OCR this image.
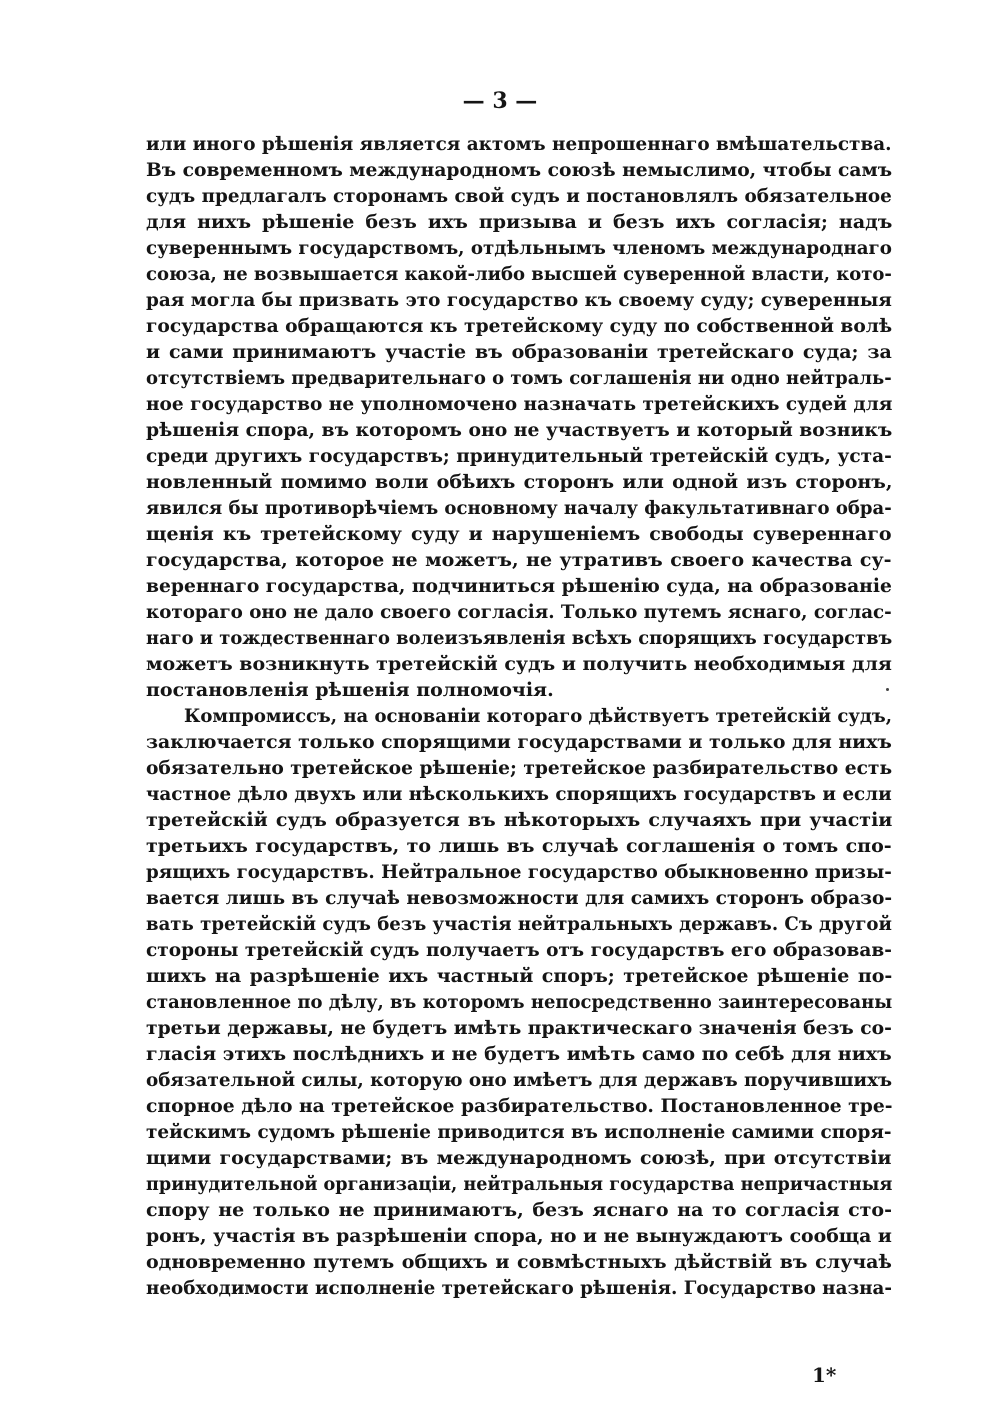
— 3 —
или иного рѣшенія является актомъ непрошеннаго вмѣшательства.
Въ современномъ международномъ союзѣ немыслимо, чтобы самъ
судъ предлагалъ сторонамъ свой судъ и постановлялъ обязательное
для нихъ рѣшеніе безъ ихъ призыва и безъ ихъ согласія; надъ
суверeннымъ государствомъ, отдѣльнымъ членомъ международнаго
союза, не возвышается какой-либо высшей суверенной власти, кото-
рая могла бы призвать это государство къ своему суду; суверенныя
государства обращаются къ третейскому суду по собственной волѣ
и сами принимаютъ участіе въ образованіи третейскаго суда; за
отсутствіемъ предварительнаго о томъ соглашенія ни одно нейтраль-
ное государство не уполномочено назначать третейскихъ судей для
рѣшенія спора, въ которомъ оно не участвуетъ и который возникъ
среди другихъ государствъ; принудительный третейскій судъ, уста-
новленный помимо воли обѣихъ сторонъ или одной изъ сторонъ,
явился бы противорѣчіемъ основному началу факультативнаго обра-
щенія къ третейскому суду и нарушеніемъ свободы суверeннаго
государства, которое не можетъ, не утративъ своего качества су-
вереннаго государства, подчиниться рѣшенію суда, на образованіе
котораго оно не дало своего согласія. Только путемъ яснаго, соглас-
наго и тождественнаго волеизъявленія всѣхъ спорящихъ государствъ
можетъ возникнуть третейскій судъ и получить необходимыя для
постановленія рѣшенія полномочія.
Компромиссъ, на основаніи котораго дѣйствуетъ третейскій судъ,
заключается только спорящими государствами и только для нихъ
обязательно третейское рѣшеніе; третейское разбирательство есть
частное дѣло двухъ или нѣсколькихъ спорящихъ государствъ и если
третейскій судъ образуется въ нѣкоторыхъ случаяхъ при участіи
третьихъ государствъ, то лишь въ случаѣ соглашенія о томъ спо-
рящихъ государствъ. Нейтральное государство обыкновенно призы-
вается лишь въ случаѣ невозможности для самихъ сторонъ образо-
вать третейскій судъ безъ участія нейтральныхъ державъ. Съ другой
стороны третейскій судъ получаетъ отъ государствъ его образовав-
шихъ на разрѣшеніе ихъ частный споръ; третейское рѣшеніе по-
становленное по дѣлу, въ которомъ непосредственно заинтересованы
третьи державы, не будетъ имѣть практическаго значенія безъ со-
гласія этихъ послѣднихъ и не будетъ имѣть само по себѣ для нихъ
обязательной силы, которую оно имѣетъ для державъ поручившихъ
спорное дѣло на третейское разбирательство. Постановленное тре-
тейскимъ судомъ рѣшеніе приводится въ исполненіе самими споря-
щими государствами; въ международномъ союзѣ, при отсутствіи
принудительной организаціи, нейтральныя государства непричастныя
спору не только не принимаютъ, безъ яснаго на то согласія сто-
ронъ, участія въ разрѣшеніи спора, но и не вынуждаютъ сообща и
одновременно путемъ общихъ и совмѣстныхъ дѣйствій въ случаѣ
необходимости исполненіе третейскаго рѣшенія. Государство назна-
1*
